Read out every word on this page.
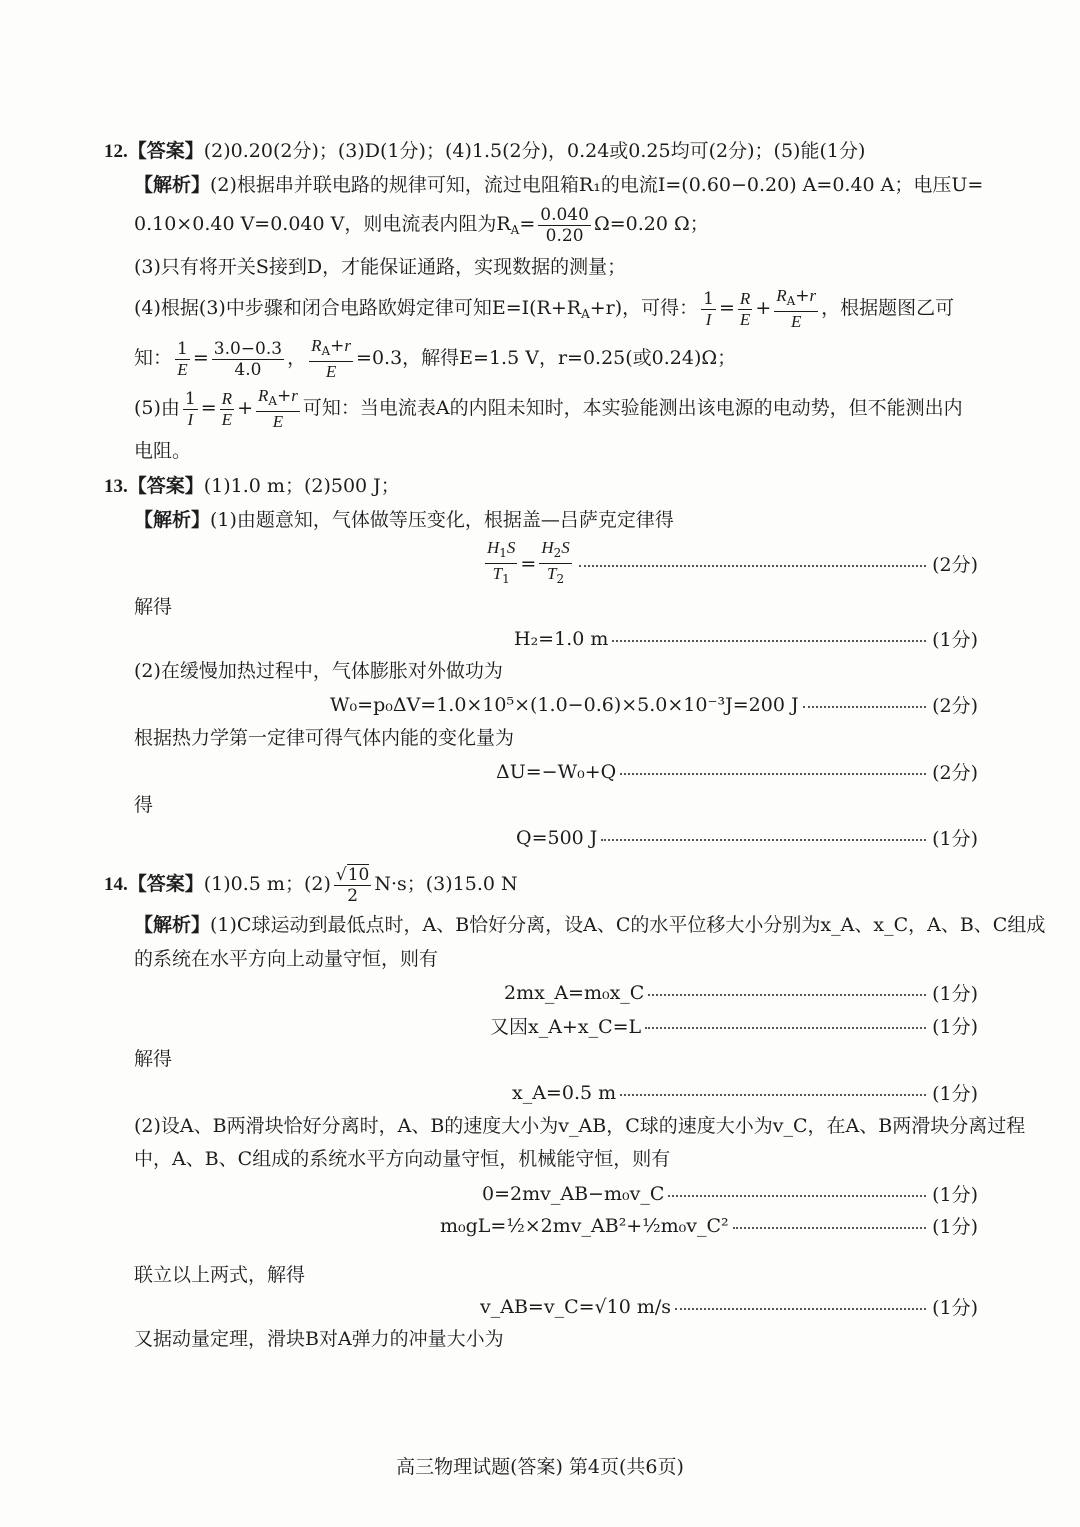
12.【答案】(2)0.20(2分)；(3)D(1分)；(4)1.5(2分)，0.24或0.25均可(2分)；(5)能(1分)
【解析】(2)根据串并联电路的规律可知，流过电阻箱R₁的电流I=(0.60−0.20) A=0.40 A；电压U=
0.10×0.40 V=0.040 V，则电流表内阻为$R_A= \frac{0.040}{0.20} \Omega=0.20$ Ω；
(3)只有将开关S接到D，才能保证通路，实现数据的测量；
(4)根据(3)中步骤和闭合电路欧姆定律可知$E=I(R+R_A+r)$，可得： $\frac{1}{I} = \frac{R}{E} + \frac{R_A+r}{E}$ ，根据题图乙可
知： $\frac{1}{E} = \frac{3.0-0.3}{4.0}$ ， $\frac{R_A+r}{E} =0.3$，解得E=1.5 V，r=0.25(或0.24)Ω；
(5)由 $\frac{1}{I} = \frac{R}{E} + \frac{R_A+r}{E}$ 可知：当电流表A的内阻未知时，本实验能测出该电源的电动势，但不能测出内
电阻。
13.【答案】(1)1.0 m；(2)500 J；
【解析】(1)由题意知，气体做等压变化，根据盖—吕萨克定律得
$\frac{H_1S}{T_1} = \frac{H_2S}{T_2}$	(2分)
解得
H₂=1.0 m	(1分)
(2)在缓慢加热过程中，气体膨胀对外做功为
W₀=p₀ΔV=1.0×10⁵×(1.0−0.6)×5.0×10⁻³J=200 J	(2分)
根据热力学第一定律可得气体内能的变化量为
ΔU=−W₀+Q	(2分)
得
Q=500 J	(1分)
14.【答案】(1)0.5 m；$(2) \frac{√10}{2} N\cdot s$；(3)15.0 N
【解析】(1)C球运动到最低点时，A、B恰好分离，设A、C的水平位移大小分别为x_A、x_C，A、B、C组成
的系统在水平方向上动量守恒，则有
2mx_A=m₀x_C	(1分)
又因x_A+x_C=L	(1分)
解得
x_A=0.5 m	(1分)
(2)设A、B两滑块恰好分离时，A、B的速度大小为v_AB，C球的速度大小为v_C，在A、B两滑块分离过程
中，A、B、C组成的系统水平方向动量守恒，机械能守恒，则有
0=2mv_AB−m₀v_C	(1分)
m₀gL=½×2mv_AB²+½m₀v_C²	(1分)
联立以上两式，解得
v_AB=v_C=√10 m/s	(1分)
又据动量定理，滑块B对A弹力的冲量大小为
高三物理试题(答案) 第4页(共6页)
